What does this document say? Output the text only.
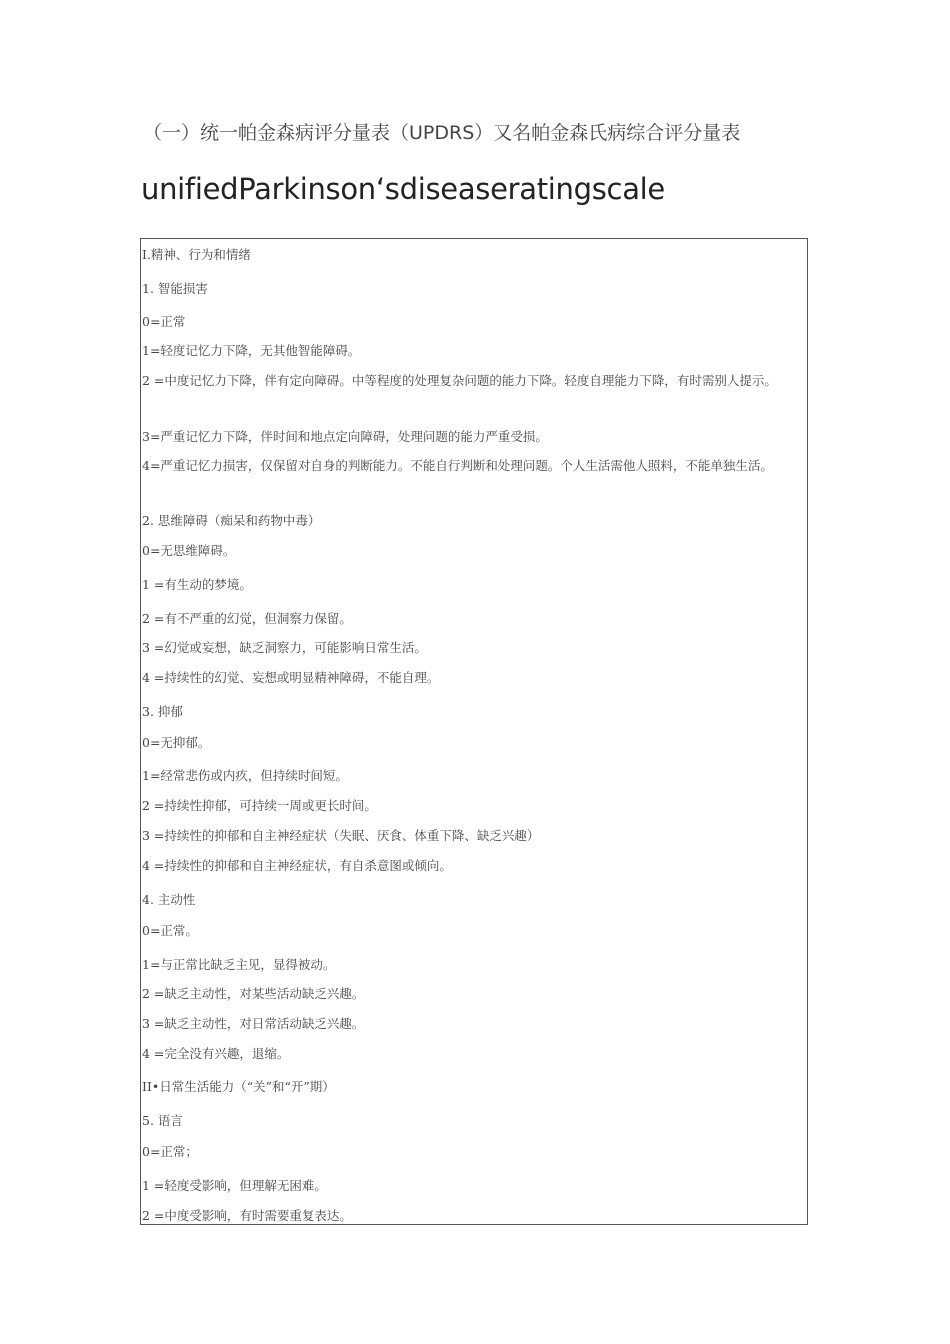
（一）统一帕金森病评分量表（UPDRS）又名帕金森氏病综合评分量表
unifiedParkinson‘sdiseaseratingscale
I.精神、行为和情绪
1. 智能损害
0=正常
1=轻度记忆力下降，无其他智能障碍。
2 =中度记忆力下降，伴有定向障碍。中等程度的处理复杂问题的能力下降。轻度自理能力下降，有时需别人提示。
3=严重记忆力下降，伴时间和地点定向障碍，处理问题的能力严重受损。
4=严重记忆力损害，仅保留对自身的判断能力。不能自行判断和处理问题。个人生活需他人照料，不能单独生活。
2. 思维障碍（痴呆和药物中毒）
0=无思维障碍。
1 =有生动的梦境。
2 =有不严重的幻觉，但洞察力保留。
3 =幻觉或妄想，缺乏洞察力，可能影响日常生活。
4 =持续性的幻觉、妄想或明显精神障碍，不能自理。
3. 抑郁
0=无抑郁。
1=经常悲伤或内疚，但持续时间短。
2 =持续性抑郁，可持续一周或更长时间。
3 =持续性的抑郁和自主神经症状（失眠、厌食、体重下降、缺乏兴趣）
4 =持续性的抑郁和自主神经症状，有自杀意图或倾向。
4. 主动性
0=正常。
1=与正常比缺乏主见，显得被动。
2 =缺乏主动性，对某些活动缺乏兴趣。
3 =缺乏主动性，对日常活动缺乏兴趣。
4 =完全没有兴趣，退缩。
II•日常生活能力（“关”和“开”期）
5. 语言
0=正常；
1 =轻度受影响，但理解无困难。
2 =中度受影响，有时需要重复表达。
